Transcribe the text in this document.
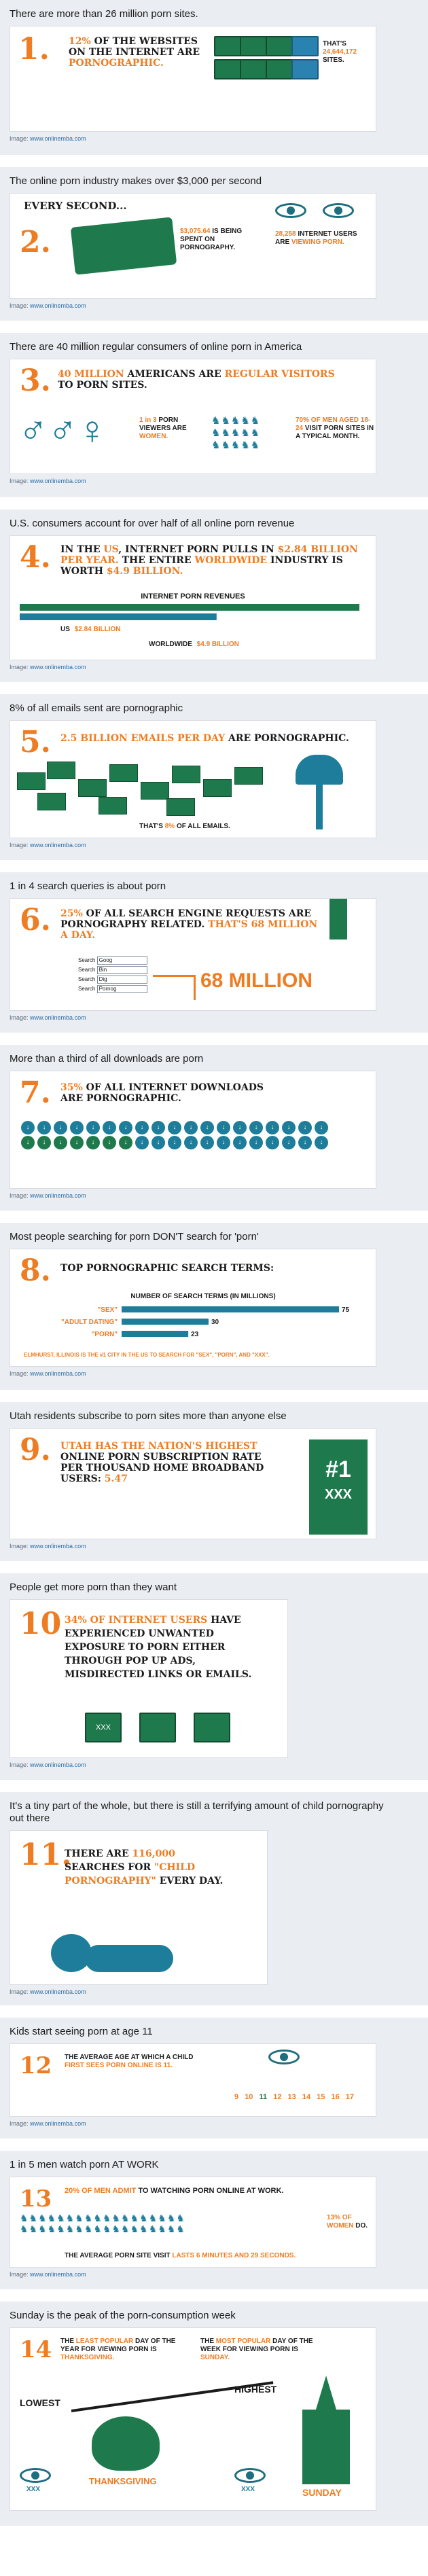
There are more than 26 million porn sites.
1. 12% OF THE WEBSITES ON THE INTERNET ARE PORNOGRAPHIC.
THAT'S
24,644,172
SITES.
Image: www.onlinemba.com
The online porn industry makes over $3,000 per second
2.
EVERY SECOND...
$3,075.64 IS BEING SPENT ON PORNOGRAPHY.
28,258 INTERNET USERS ARE VIEWING PORN.
Image: www.onlinemba.com
There are 40 million regular consumers of online porn in America
3. 40 MILLION AMERICANS ARE REGULAR VISITORS TO PORN SITES.
♂♂♀	1 in 3 PORN VIEWERS ARE WOMEN.
♞♞♞♞♞
♞♞♞♞♞
♞♞♞♞♞
70% OF MEN AGED 18-24 VISIT PORN SITES IN A TYPICAL MONTH.
Image: www.onlinemba.com
U.S. consumers account for over half of all online porn revenue
4. IN THE US, INTERNET PORN PULLS IN $2.84 BILLION PER YEAR. THE ENTIRE WORLDWIDE INDUSTRY IS WORTH $4.9 BILLION.
INTERNET PORN REVENUES
US $2.84 BILLION
WORLDWIDE $4.9 BILLION
Image: www.onlinemba.com
8% of all emails sent are pornographic
5. 2.5 BILLION EMAILS PER DAY ARE PORNOGRAPHIC.
THAT'S 8% OF ALL EMAILS.
Image: www.onlinemba.com
1 in 4 search queries is about porn
6. 25% OF ALL SEARCH ENGINE REQUESTS ARE PORNOGRAPHY RELATED. THAT'S 68 MILLION A DAY.
Search Goog
Search Bin
Search Dig
Search Pornog	68 MILLION
Image: www.onlinemba.com
More than a third of all downloads are porn
7. 35% OF ALL INTERNET DOWNLOADS ARE PORNOGRAPHIC.
↓ ↓ ↓ ↓ ↓ ↓ ↓ ↓ ↓ ↓ ↓ ↓ ↓ ↓ ↓ ↓ ↓ ↓ ↓
↓ ↓ ↓ ↓ ↓ ↓ ↓ ↓ ↓ ↓ ↓ ↓ ↓ ↓ ↓ ↓ ↓ ↓ ↓
Image: www.onlinemba.com
Most people searching for porn DON'T search for 'porn'
8. TOP PORNOGRAPHIC SEARCH TERMS:
NUMBER OF SEARCH TERMS (IN MILLIONS)
"SEX"	75
"ADULT DATING"	30
"PORN"	23
ELMHURST, ILLINOIS IS THE #1 CITY IN THE US TO SEARCH FOR "SEX", "PORN", AND "XXX".
Image: www.onlinemba.com
Utah residents subscribe to porn sites more than anyone else
9. UTAH HAS THE NATION'S HIGHEST ONLINE PORN SUBSCRIPTION RATE PER THOUSAND HOME BROADBAND USERS: 5.47	#1
XXX
Image: www.onlinemba.com
People get more porn than they want
10 34% OF INTERNET USERS HAVE EXPERIENCED UNWANTED EXPOSURE TO PORN EITHER THROUGH POP UP ADS, MISDIRECTED LINKS OR EMAILS.
XXX
Image: www.onlinemba.com
It's a tiny part of the whole, but there is still a terrifying amount of child pornography out there
11.
THERE ARE 116,000 SEARCHES FOR "CHILD PORNOGRAPHY" EVERY DAY.
Image: www.onlinemba.com
Kids start seeing porn at age 11
12 THE AVERAGE AGE AT WHICH A CHILD
FIRST SEES PORN ONLINE IS 11.
9 10 11 12 13 14 15 16 17
Image: www.onlinemba.com
1 in 5 men watch porn AT WORK
13 20% OF MEN ADMIT TO WATCHING PORN ONLINE AT WORK.
♞♞♞♞♞♞♞♞♞♞♞♞♞♞♞♞♞♞
♞♞♞♞♞♞♞♞♞♞♞♞♞♞♞♞♞♞
13% OF WOMEN DO.
THE AVERAGE PORN SITE VISIT LASTS 6 MINUTES AND 29 SECONDS.
Image: www.onlinemba.com
Sunday is the peak of the porn-consumption week
14 THE LEAST POPULAR DAY OF THE YEAR FOR VIEWING PORN IS THANKSGIVING.
THE MOST POPULAR DAY OF THE WEEK FOR VIEWING PORN IS SUNDAY.
LOWEST
HIGHEST
THANKSGIVING
XXX	XXX	SUNDAY
